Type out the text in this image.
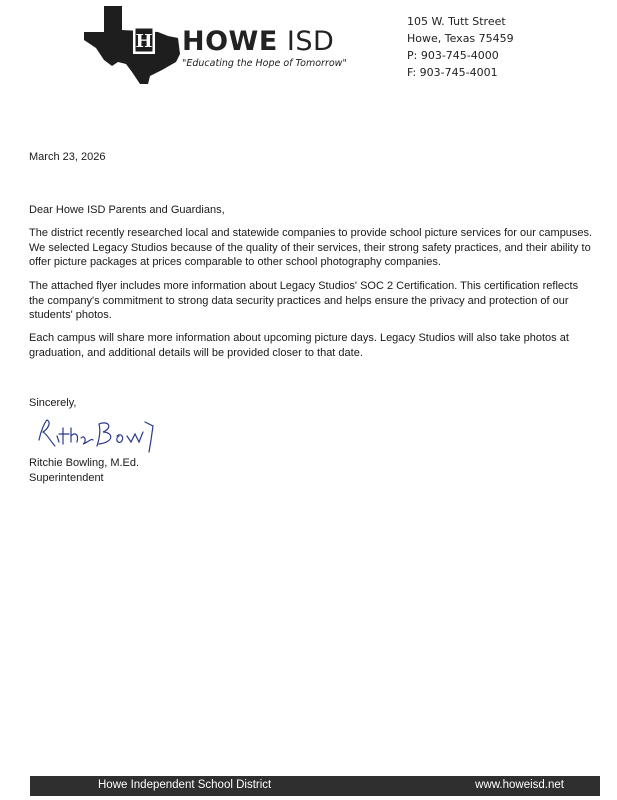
H HOWE ISD
"Educating the Hope of Tomorrow"
105 W. Tutt Street
Howe, Texas 75459
P: 903-745-4000
F: 903-745-4001
March 23, 2026
Dear Howe ISD Parents and Guardians,
The district recently researched local and statewide companies to provide school picture services for our campuses. We selected Legacy Studios because of the quality of their services, their strong safety practices, and their ability to offer picture packages at prices comparable to other school photography companies.
The attached flyer includes more information about Legacy Studios' SOC 2 Certification. This certification reflects the company's commitment to strong data security practices and helps ensure the privacy and protection of our students' photos.
Each campus will share more information about upcoming picture days. Legacy Studios will also take photos at graduation, and additional details will be provided closer to that date.
Sincerely,
Ritchie Bowling, M.Ed.
Superintendent
Howe Independent School District	www.howeisd.net
